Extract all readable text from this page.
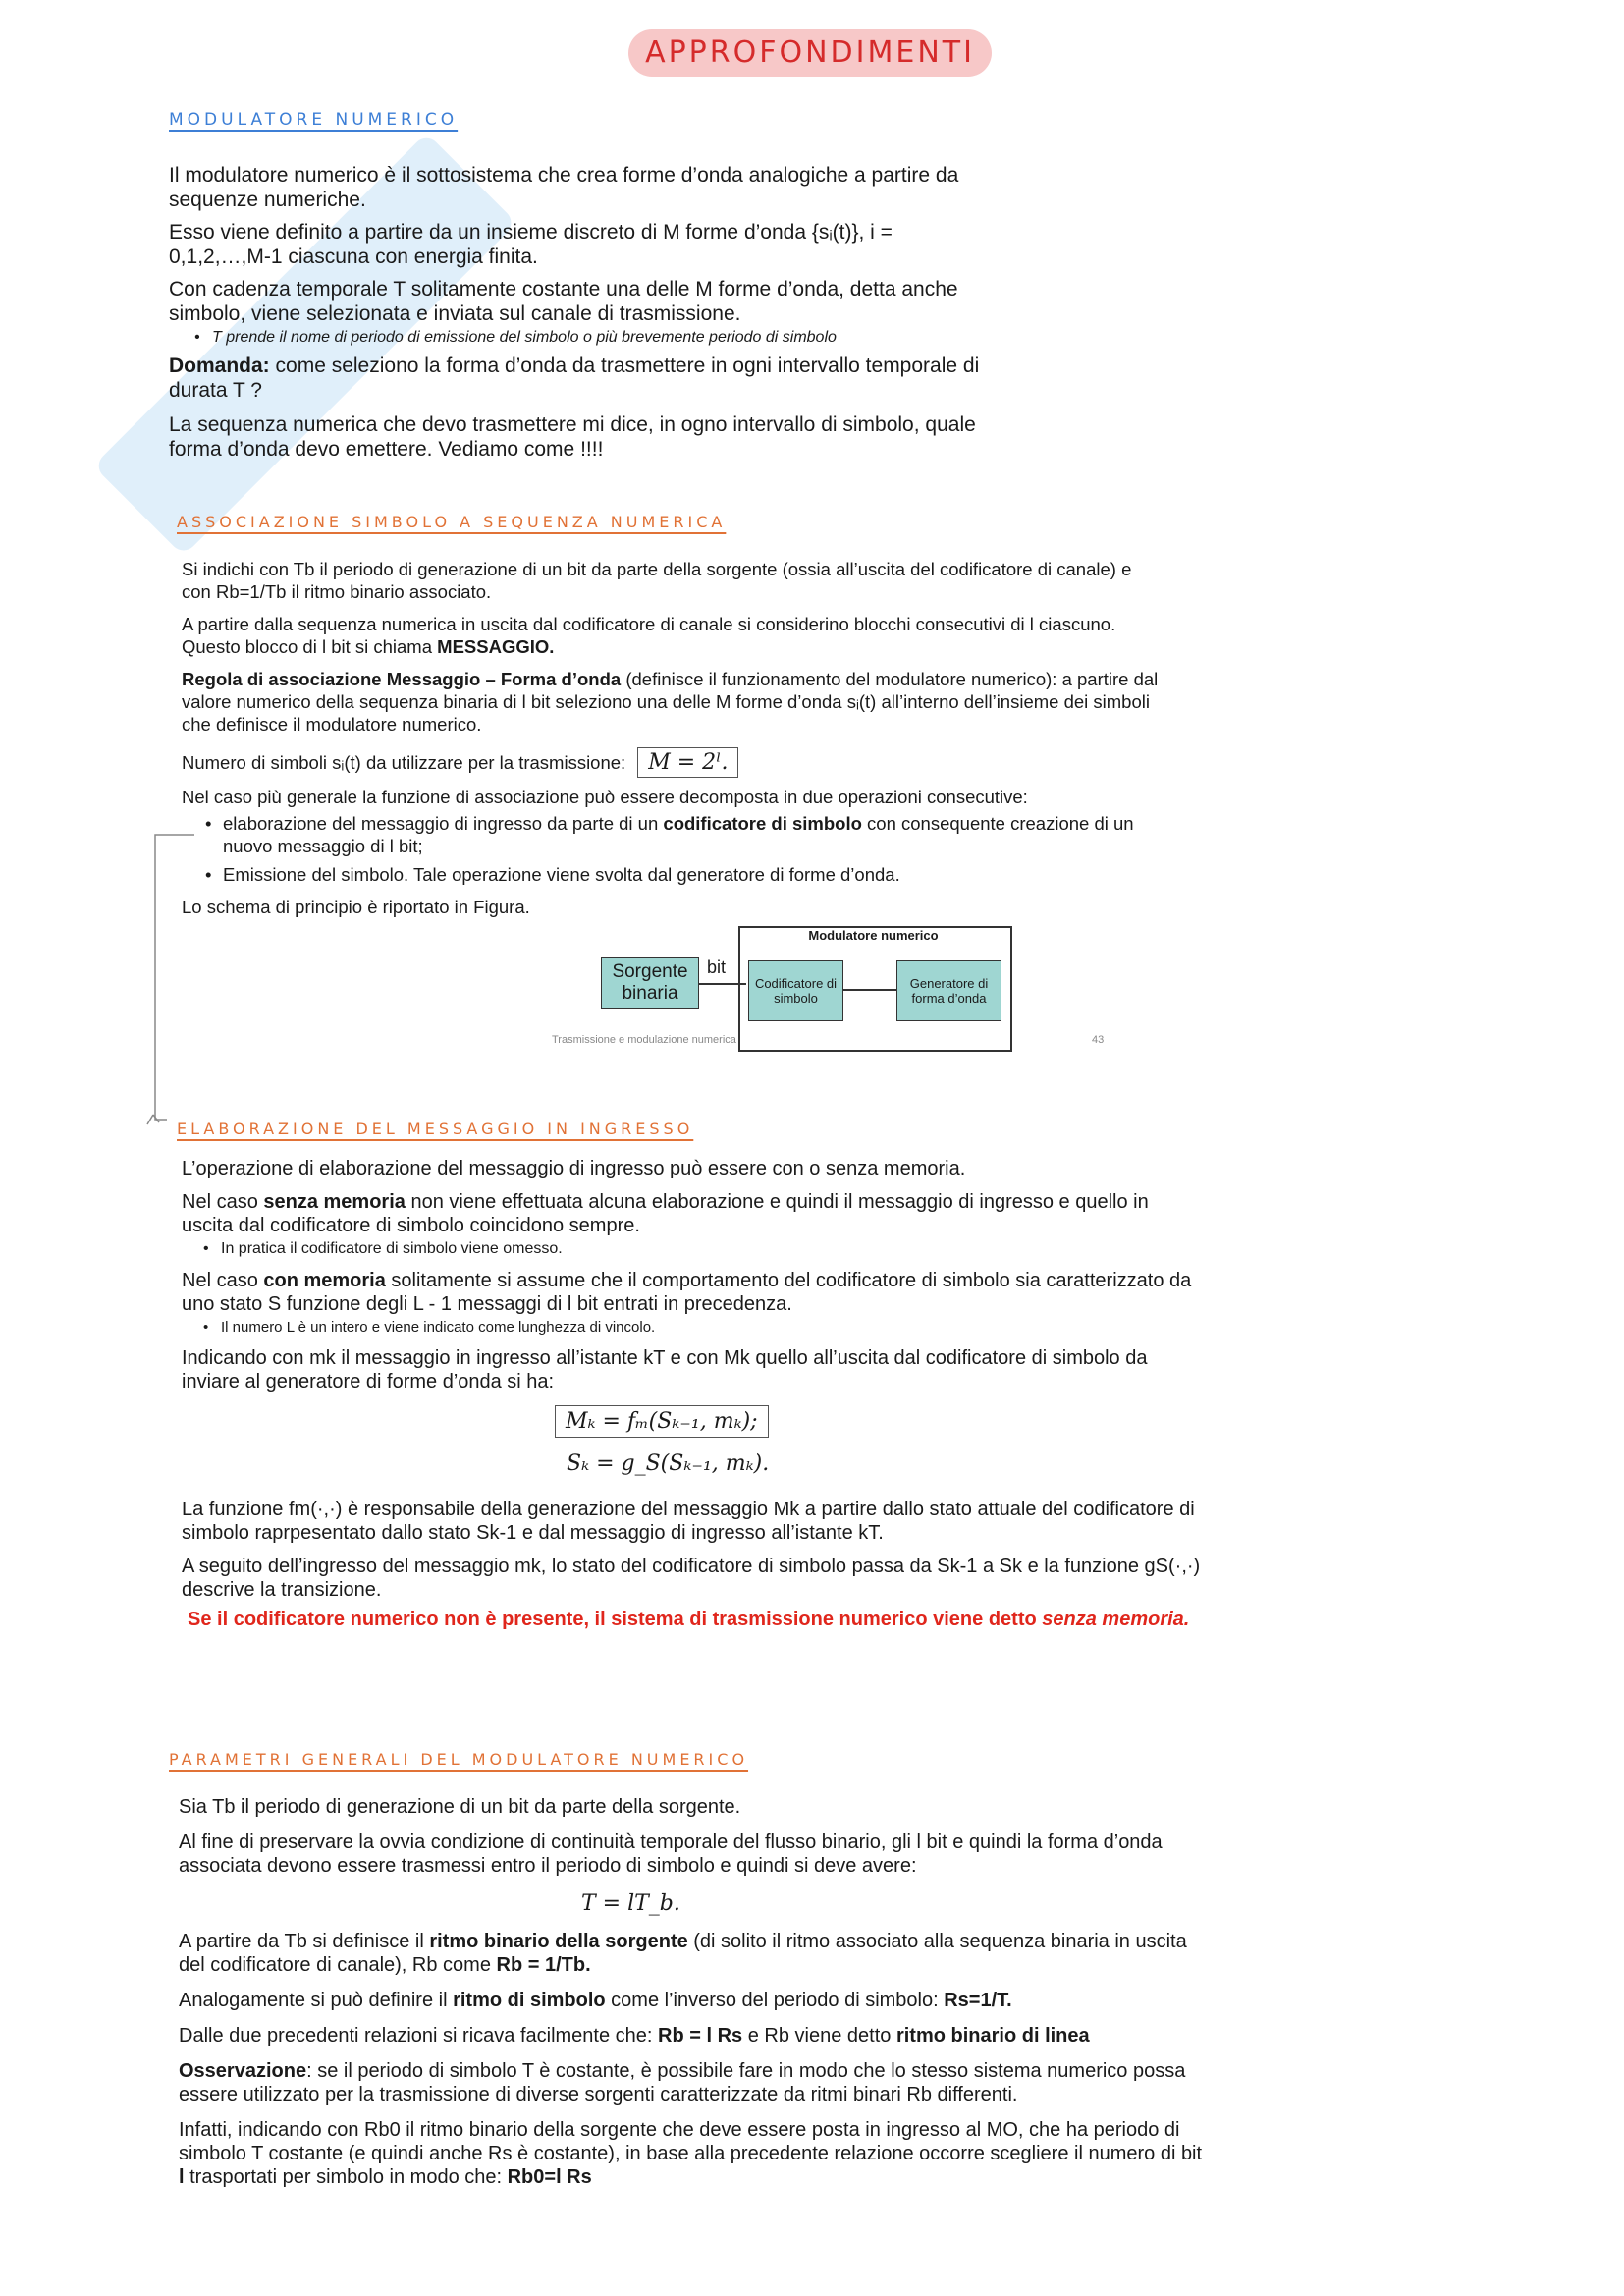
APPROFONDIMENTI
MODULATORE NUMERICO

Il modulatore numerico è il sottosistema che crea forme d’onda analogiche a partire da sequenze numeriche.

Esso viene definito a partire da un insieme discreto di M forme d’onda {sᵢ(t)}, i = 0,1,2,…,M-1 ciascuna con energia finita.

Con cadenza temporale T solitamente costante una delle M forme d’onda, detta anche simbolo, viene selezionata e inviata sul canale di trasmissione.

• T prende il nome di periodo di emissione del simbolo o più brevemente periodo di simbolo

Domanda: come seleziono la forma d’onda da trasmettere in ogni intervallo temporale di durata T ?

La sequenza numerica che devo trasmettere mi dice, in ogno intervallo di simbolo, quale forma d’onda devo emettere. Vediamo come !!!!

ASSOCIAZIONE SIMBOLO A SEQUENZA NUMERICA

Si indichi con Tb il periodo di generazione di un bit da parte della sorgente (ossia all’uscita del codificatore di canale) e con Rb=1/Tb il ritmo binario associato.

A partire dalla sequenza numerica in uscita dal codificatore di canale si considerino blocchi consecutivi di l ciascuno. Questo blocco di l bit si chiama MESSAGGIO.

Regola di associazione Messaggio – Forma d’onda (definisce il funzionamento del modulatore numerico): a partire dal valore numerico della sequenza binaria di l bit seleziono una delle M forme d’onda sᵢ(t) all’interno dell’insieme dei simboli che definisce il modulatore numerico.

Numero di simboli sᵢ(t) da utilizzare per la trasmissione:	M = 2ˡ.

Nel caso più generale la funzione di associazione può essere decomposta in due operazioni consecutive:

• elaborazione del messaggio di ingresso da parte di un codificatore di simbolo con consequente creazione di un nuovo messaggio di l bit;

• Emissione del simbolo. Tale operazione viene svolta dal generatore di forme d’onda.

Lo schema di principio è riportato in Figura.

Sorgente binaria
bit
Modulatore numerico
Codificatore di simbolo
Generatore di forma d’onda
Trasmissione e modulazione numerica	43
ELABORAZIONE DEL MESSAGGIO IN INGRESSO

L’operazione di elaborazione del messaggio di ingresso può essere con o senza memoria.

Nel caso senza memoria non viene effettuata alcuna elaborazione e quindi il messaggio di ingresso e quello in uscita dal codificatore di simbolo coincidono sempre.

• In pratica il codificatore di simbolo viene omesso.

Nel caso con memoria solitamente si assume che il comportamento del codificatore di simbolo sia caratterizzato da uno stato S funzione degli L - 1 messaggi di l bit entrati in precedenza.

• Il numero L è un intero e viene indicato come lunghezza di vincolo.

Indicando con mk il messaggio in ingresso all’istante kT e con Mk quello all’uscita dal codificatore di simbolo da inviare al generatore di forme d’onda si ha:

Mₖ = fₘ(Sₖ₋₁, mₖ);
Sₖ = g_S(Sₖ₋₁, mₖ).

La funzione fm(·,·) è responsabile della generazione del messaggio Mk a partire dallo stato attuale del codificatore di simbolo raprpesentato dallo stato Sk-1 e dal messaggio di ingresso all’istante kT.

A seguito dell’ingresso del messaggio mk, lo stato del codificatore di simbolo passa da Sk-1 a Sk e la funzione gS(·,·) descrive la transizione.

Se il codificatore numerico non è presente, il sistema di trasmissione numerico viene detto senza memoria.

PARAMETRI GENERALI DEL MODULATORE NUMERICO

Sia Tb il periodo di generazione di un bit da parte della sorgente.

Al fine di preservare la ovvia condizione di continuità temporale del flusso binario, gli l bit e quindi la forma d’onda associata devono essere trasmessi entro il periodo di simbolo e quindi si deve avere:

T = lT_b.

A partire da Tb si definisce il ritmo binario della sorgente (di solito il ritmo associato alla sequenza binaria in uscita del codificatore di canale), Rb come Rb = 1/Tb.

Analogamente si può definire il ritmo di simbolo come l’inverso del periodo di simbolo: Rs=1/T.

Dalle due precedenti relazioni si ricava facilmente che: Rb = l Rs e Rb viene detto ritmo binario di linea

Osservazione: se il periodo di simbolo T è costante, è possibile fare in modo che lo stesso sistema numerico possa essere utilizzato per la trasmissione di diverse sorgenti caratterizzate da ritmi binari Rb differenti.

Infatti, indicando con Rb0 il ritmo binario della sorgente che deve essere posta in ingresso al MO, che ha periodo di simbolo T costante (e quindi anche Rs è costante), in base alla precedente relazione occorre scegliere il numero di bit l trasportati per simbolo in modo che: Rb0=l Rs
